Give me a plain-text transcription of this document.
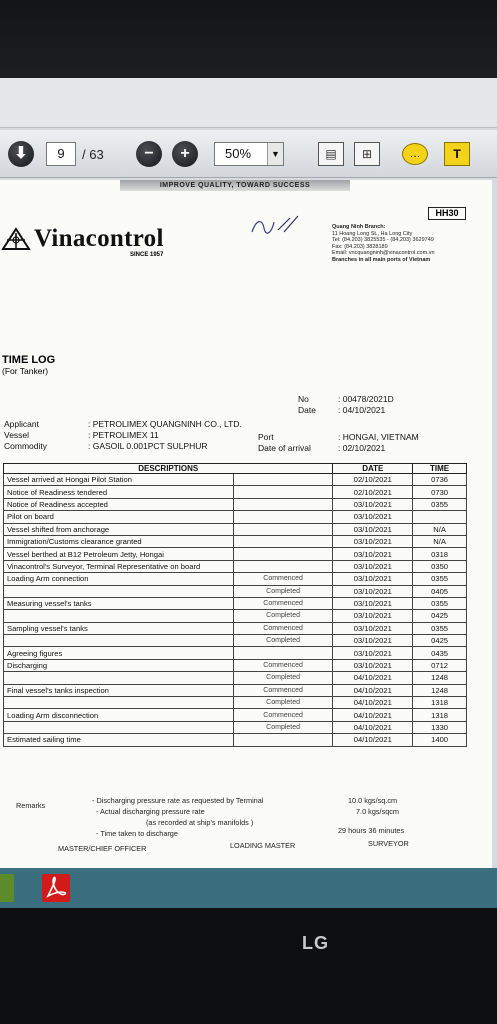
⬇	9	/ 63	−	+	50%	▼	▤	⊞	…	T
IMPROVE QUALITY, TOWARD SUCCESS
HH30
Vinacontrol
SINCE 1957
Quang Ninh Branch:
11 Hoang Long St., Ha Long City
Tel: (84.203) 3825535 - (84.203) 3629749
Fax: (84.203) 3828189
Email: vncquangninh@vinacontrol.com.vn
Branches in all main ports of Vietnam
TIME LOG
(For Tanker)
No	: 00478/2021D
Date	: 04/10/2021
Applicant	: PETROLIMEX QUANGNINH CO., LTD.
Vessel	: PETROLIMEX 11
Commodity	: GASOIL 0.001PCT SULPHUR
Port	: HONGAI, VIETNAM
Date of arrival	: 02/10/2021
DESCRIPTIONS		DATE	TIME
Vessel arrived at Hongai Pilot Station		02/10/2021	0736
Notice of Readiness tendered		02/10/2021	0730
Notice of Readiness accepted		03/10/2021	0355
Pilot on board		03/10/2021	
Vessel shifted from anchorage		03/10/2021	N/A
Immigration/Customs clearance granted		03/10/2021	N/A
Vessel berthed at B12 Petroleum Jetty, Hongai		03/10/2021	0318
Vinacontrol's Surveyor, Terminal Representative on board		03/10/2021	0350
Loading Arm connection	Commenced	03/10/2021	0355
	Completed	03/10/2021	0405
Measuring vessel's tanks	Commenced	03/10/2021	0355
	Completed	03/10/2021	0425
Sampling vessel's tanks	Commenced	03/10/2021	0355
	Completed	03/10/2021	0425
Agreeing figures		03/10/2021	0435
Discharging	Commenced	03/10/2021	0712
	Completed	04/10/2021	1248
Final vessel's tanks inspection	Commenced	04/10/2021	1248
	Completed	04/10/2021	1318
Loading Arm disconnection	Commenced	04/10/2021	1318
	Completed	04/10/2021	1330
Estimated sailing time		04/10/2021	1400
Remarks
- Discharging pressure rate as requested by Terminal
- Actual discharging pressure rate
(as recorded at ship's manifolds )
- Time taken to discharge
10.0 kgs/sq.cm
7.0 kgs/sqcm
29 hours 36 minutes
MASTER/CHIEF OFFICER	LOADING MASTER	SURVEYOR
LG
